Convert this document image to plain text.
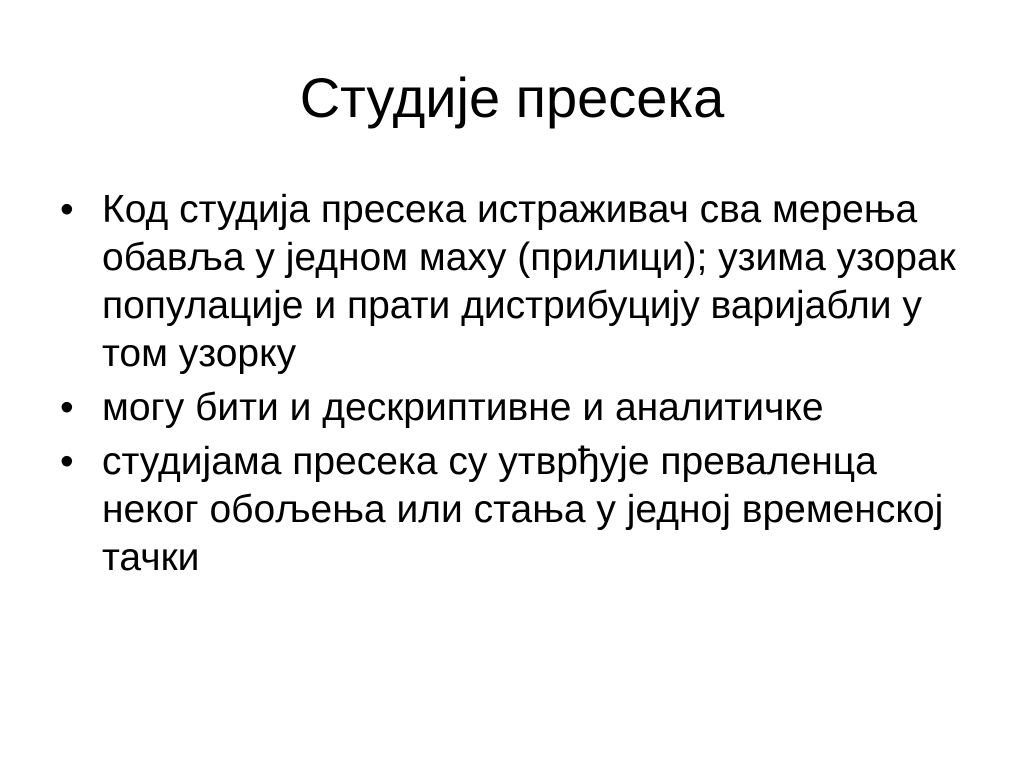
Студије пресека
• Код студија пресека истраживач сва мерења обавља у једном маху (прилици); узима узорак популације и прати дистрибуцију варијабли у том узорку
• могу бити и дескриптивне и аналитичке
• студијама пресека су утврђује преваленца неког обољења или стања у једној временској тачки
